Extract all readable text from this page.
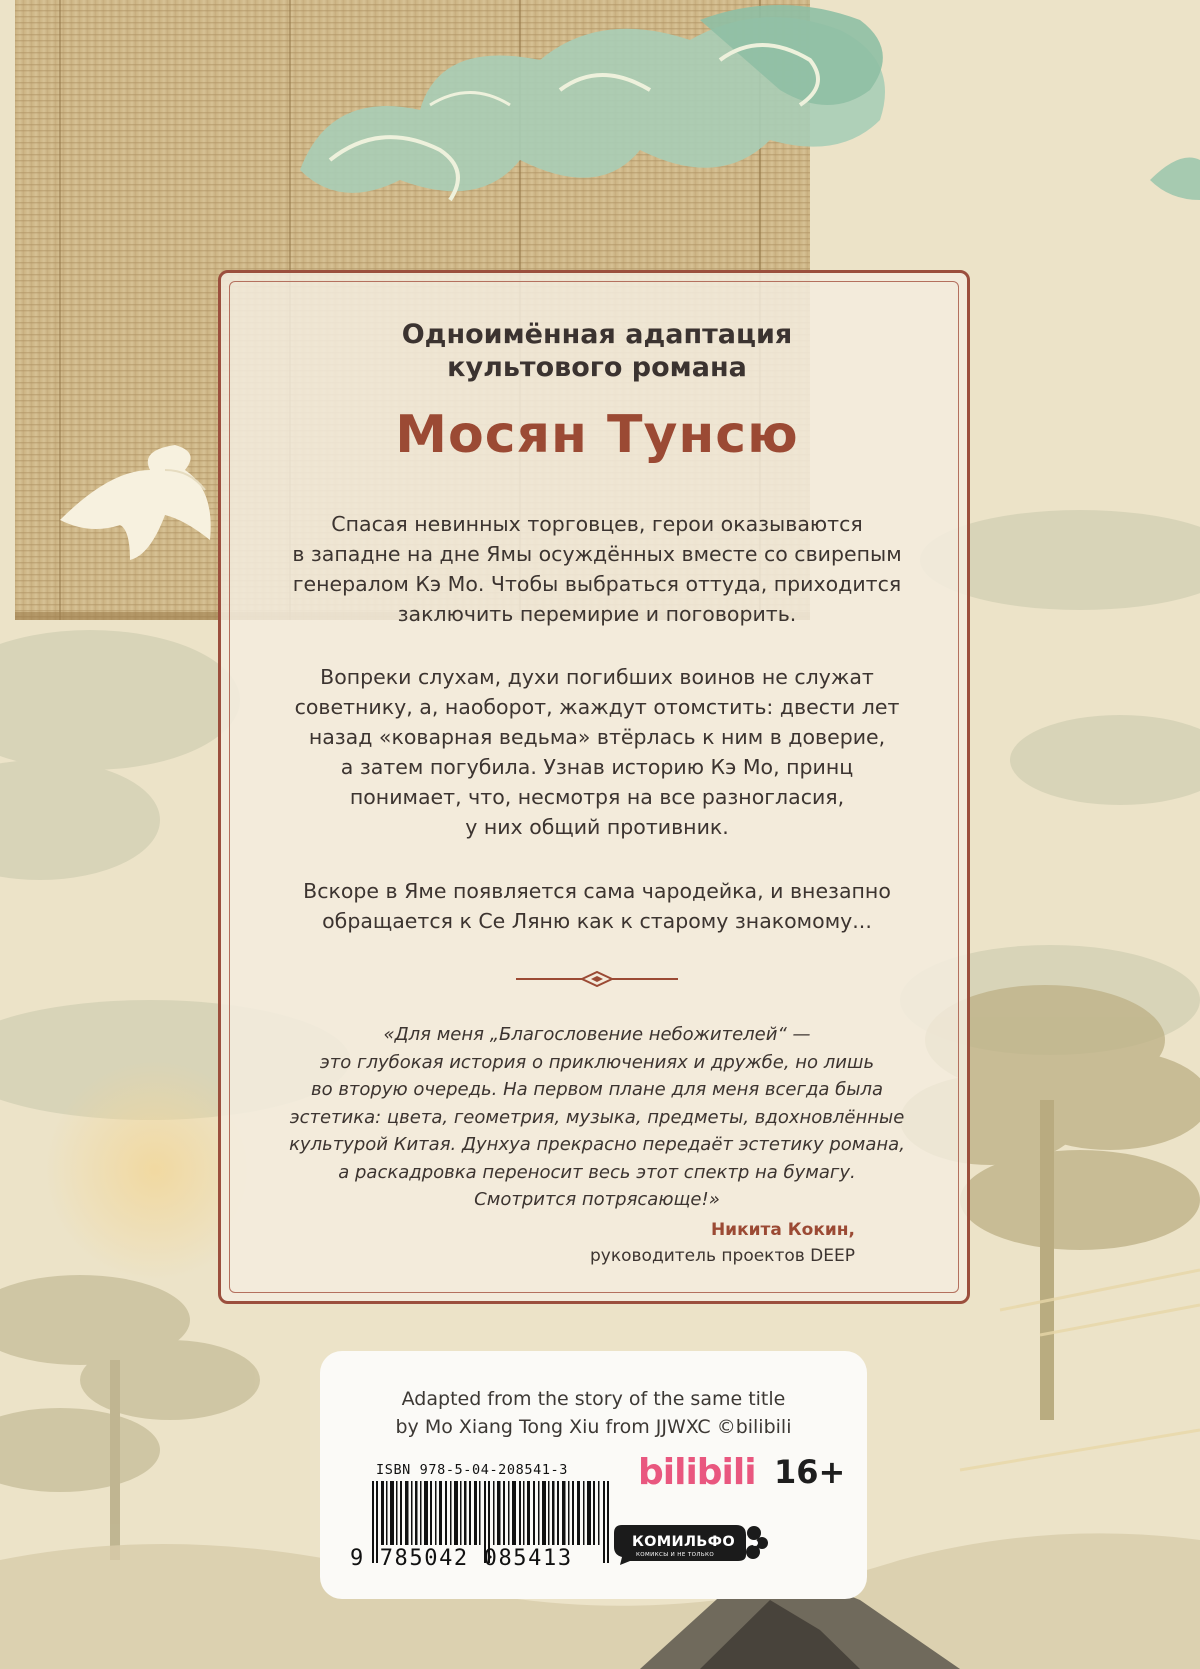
Одноимённая адаптация

культового романа

Мосян Тунсю

Спасая невинных торговцев, герои оказываются
в западне на дне Ямы осуждённых вместе со свирепым
генералом Кэ Мо. Чтобы выбраться оттуда, приходится
заключить перемирие и поговорить.

Вопреки слухам, духи погибших воинов не служат
советнику, а, наоборот, жаждут отомстить: двести лет
назад «коварная ведьма» втёрлась к ним в доверие,
а затем погубила. Узнав историю Кэ Мо, принц
понимает, что, несмотря на все разногласия,
у них общий противник.

Вскоре в Яме появляется сама чародейка, и внезапно
обращается к Се Ляню как к старому знакомому...

«Для меня „Благословение небожителей“ —
это глубокая история о приключениях и дружбе, но лишь
во вторую очередь. На первом плане для меня всегда была
эстетика: цвета, геометрия, музыка, предметы, вдохновлённые
культурой Китая. Дунхуа прекрасно передаёт эстетику романа,
а раскадровка переносит весь этот спектр на бумагу.
Смотрится потрясающе!»

Никита Кокин,
руководитель проектов DEEP

Adapted from the story of the same title
by Mo Xiang Tong Xiu from JJWXC ©bilibili

ISBN 978-5-04-208541-3
9 785042 085413
bilibili 16+
КОМИЛЬФО
КОМИКСЫ И НЕ ТОЛЬКО
